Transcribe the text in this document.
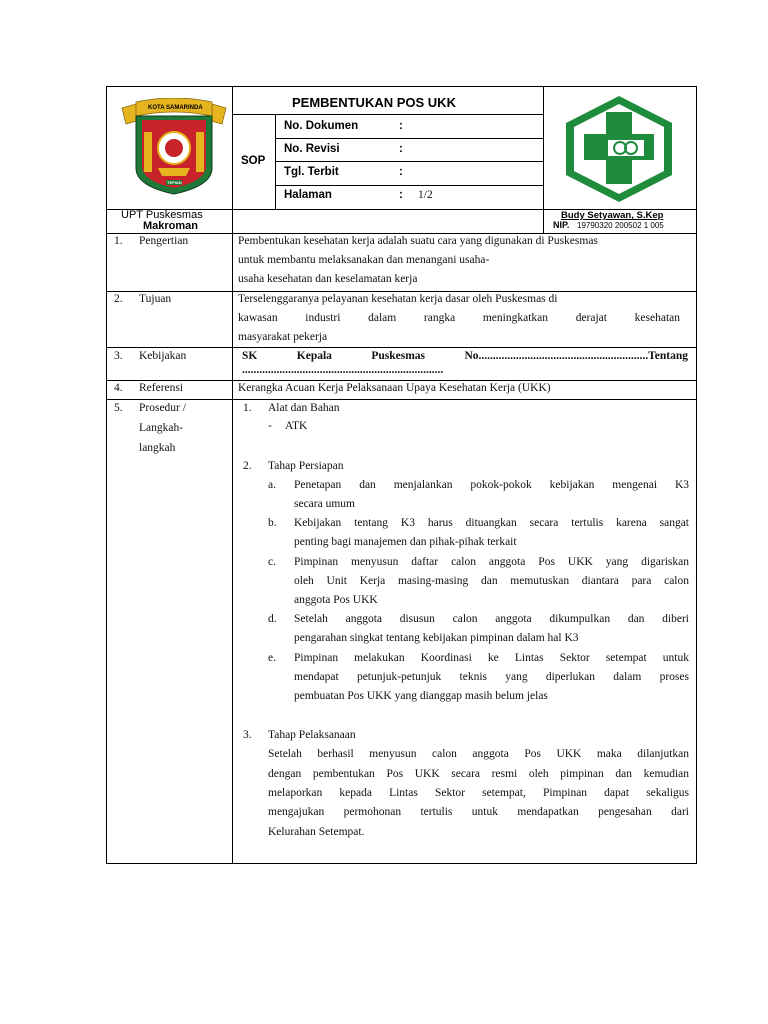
KOTA SAMARINDA
TEPIAN
PEMBENTUKAN POS UKK
SOP
No. Dokumen	:
No. Revisi	:
Tgl. Terbit	:
Halaman	: 1/2
UPT Puskesmas
Makroman
Budy Setyawan, S.Kep
NIP. 19790320 200502 1 005
1. Pengertian	Pembentukan kesehatan kerja adalah suatu cara yang digunakan di Puskesmas
untuk membantu melaksanakan dan menangani usaha-
usaha kesehatan dan keselamatan kerja
2. Tujuan	Terselenggaranya pelayanan kesehatan kerja dasar oleh Puskesmas di
kawasan industri dalam rangka meningkatkan derajat kesehatan
masyarakat pekerja
3. Kebijakan	SK Kepala Puskesmas No...........................................................Tentang
......................................................................
4. Referensi	Kerangka Acuan Kerja Pelaksanaan Upaya Kesehatan Kerja (UKK)
5. Prosedur /
Langkah-
langkah
1. Alat dan Bahan
- ATK
2. Tahap Persiapan
a. Penetapan dan menjalankan pokok-pokok kebijakan mengenai K3
secara umum
b. Kebijakan tentang K3 harus dituangkan secara tertulis karena sangat
penting bagi manajemen dan pihak-pihak terkait
c. Pimpinan menyusun daftar calon anggota Pos UKK yang digariskan
oleh Unit Kerja masing-masing dan memutuskan diantara para calon
anggota Pos UKK
d. Setelah anggota disusun calon anggota dikumpulkan dan diberi
pengarahan singkat tentang kebijakan pimpinan dalam hal K3
e. Pimpinan melakukan Koordinasi ke Lintas Sektor setempat untuk
mendapat petunjuk-petunjuk teknis yang diperlukan dalam proses
pembuatan Pos UKK yang dianggap masih belum jelas
3. Tahap Pelaksanaan
Setelah berhasil menyusun calon anggota Pos UKK maka dilanjutkan
dengan pembentukan Pos UKK secara resmi oleh pimpinan dan kemudian
melaporkan kepada Lintas Sektor setempat, Pimpinan dapat sekaligus
mengajukan permohonan tertulis untuk mendapatkan pengesahan dari
Kelurahan Setempat.
